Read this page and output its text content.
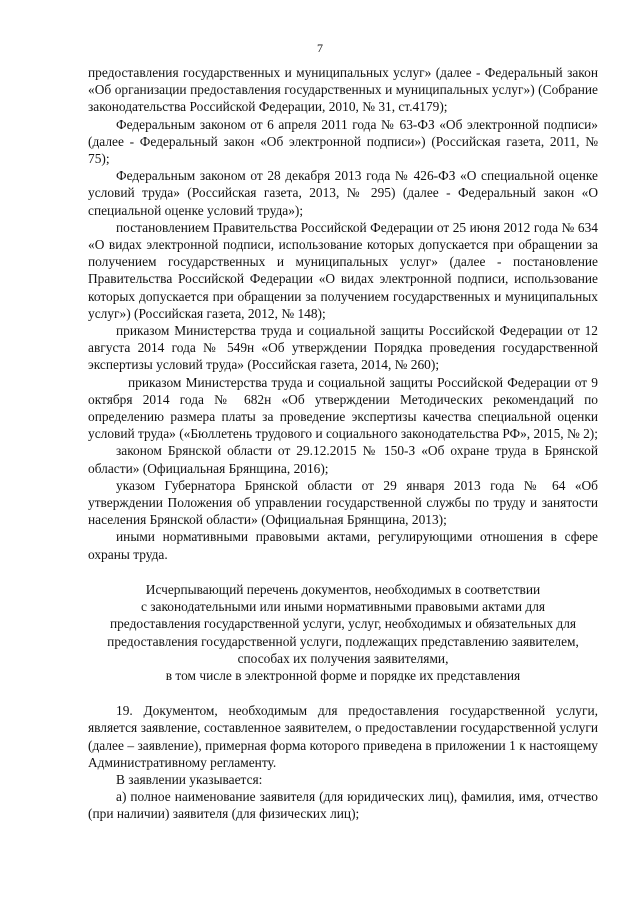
7

предоставления государственных и муниципальных услуг» (далее - Федеральный закон «Об организации предоставления государственных и муниципальных услуг») (Собрание законодательства Российской Федерации, 2010, № 31, ст.4179);

Федеральным законом от 6 апреля 2011 года № 63-ФЗ «Об электронной подписи» (далее - Федеральный закон «Об электронной подписи») (Российская газета, 2011, № 75);

Федеральным законом от 28 декабря 2013 года № 426-ФЗ «О специальной оценке условий труда» (Российская газета, 2013, № 295) (далее - Федеральный закон «О специальной оценке условий труда»);

постановлением Правительства Российской Федерации от 25 июня 2012 года № 634 «О видах электронной подписи, использование которых допускается при обращении за получением государственных и муниципальных услуг» (далее - постановление Правительства Российской Федерации «О видах электронной подписи, использование которых допускается при обращении за получением государственных и муниципальных услуг») (Российская газета, 2012, № 148);

приказом Министерства труда и социальной защиты Российской Федерации от 12 августа 2014 года № 549н «Об утверждении Порядка проведения государственной экспертизы условий труда» (Российская газета, 2014, № 260);

приказом Министерства труда и социальной защиты Российской Федерации от 9 октября 2014 года № 682н «Об утверждении Методических рекомендаций по определению размера платы за проведение экспертизы качества специальной оценки условий труда» («Бюллетень трудового и социального законодательства РФ», 2015, № 2);

законом Брянской области от 29.12.2015 № 150-З «Об охране труда в Брянской области» (Официальная Брянщина, 2016);

указом Губернатора Брянской области от 29 января 2013 года № 64 «Об утверждении Положения об управлении государственной службы по труду и занятости населения Брянской области» (Официальная Брянщина, 2013);

иными нормативными правовыми актами, регулирующими отношения в сфере охраны труда.

Исчерпывающий перечень документов, необходимых в соответствии
с законодательными или иными нормативными правовыми актами для
предоставления государственной услуги, услуг, необходимых и обязательных для
предоставления государственной услуги, подлежащих представлению заявителем,
способах их получения заявителями,
в том числе в электронной форме и порядке их представления

19. Документом, необходимым для предоставления государственной услуги, является заявление, составленное заявителем, о предоставлении государственной услуги (далее – заявление), примерная форма которого приведена в приложении 1 к настоящему Административному регламенту.

В заявлении указывается:

а) полное наименование заявителя (для юридических лиц), фамилия, имя, отчество (при наличии) заявителя (для физических лиц);
